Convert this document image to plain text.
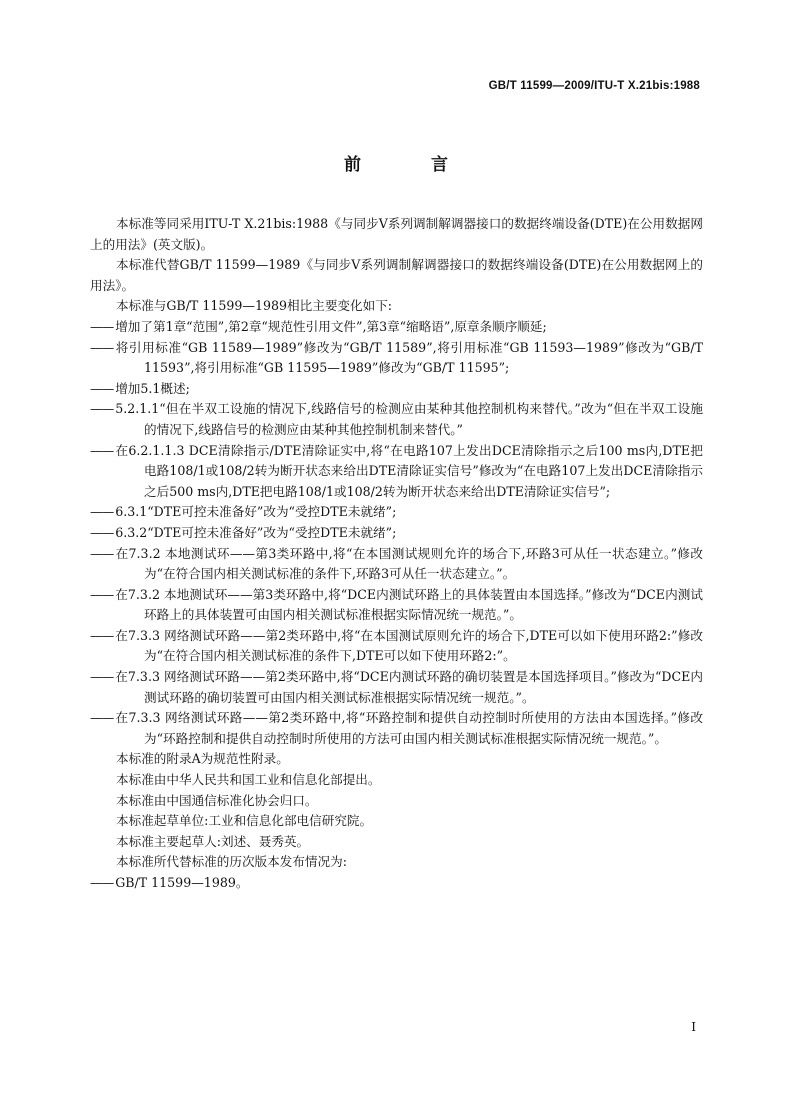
GB/T 11599—2009/ITU-T X.21bis:1988
前 言

本标准等同采用ITU-T X.21bis:1988《与同步V系列调制解调器接口的数据终端设备(DTE)在公用数据网上的用法》(英文版)。

本标准代替GB/T 11599—1989《与同步V系列调制解调器接口的数据终端设备(DTE)在公用数据网上的用法》。

本标准与GB/T 11599—1989相比主要变化如下:

—— 增加了第1章“范围”,第2章“规范性引用文件”,第3章“缩略语”,原章条顺序顺延;

—— 将引用标准“GB 11589—1989”修改为“GB/T 11589”,将引用标准“GB 11593—1989”修改为“GB/T 11593”,将引用标准“GB 11595—1989”修改为“GB/T 11595”;

—— 增加5.1概述;

—— 5.2.1.1“但在半双工设施的情况下,线路信号的检测应由某种其他控制机构来替代。”改为“但在半双工设施的情况下,线路信号的检测应由某种其他控制机制来替代。”

—— 在6.2.1.1.3 DCE清除指示/DTE清除证实中,将“在电路107上发出DCE清除指示之后100 ms内,DTE把电路108/1或108/2转为断开状态来给出DTE清除证实信号”修改为“在电路107上发出DCE清除指示之后500 ms内,DTE把电路108/1或108/2转为断开状态来给出DTE清除证实信号”;

—— 6.3.1“DTE可控未准备好”改为“受控DTE未就绪”;

—— 6.3.2“DTE可控未准备好”改为“受控DTE未就绪”;

—— 在7.3.2 本地测试环——第3类环路中,将“在本国测试规则允许的场合下,环路3可从任一状态建立。”修改为“在符合国内相关测试标准的条件下,环路3可从任一状态建立。”。

—— 在7.3.2 本地测试环——第3类环路中,将“DCE内测试环路上的具体装置由本国选择。”修改为“DCE内测试环路上的具体装置可由国内相关测试标准根据实际情况统一规范。”。

—— 在7.3.3 网络测试环路——第2类环路中,将“在本国测试原则允许的场合下,DTE可以如下使用环路2:”修改为“在符合国内相关测试标准的条件下,DTE可以如下使用环路2:”。

—— 在7.3.3 网络测试环路——第2类环路中,将“DCE内测试环路的确切装置是本国选择项目。”修改为“DCE内测试环路的确切装置可由国内相关测试标准根据实际情况统一规范。”。

—— 在7.3.3 网络测试环路——第2类环路中,将“环路控制和提供自动控制时所使用的方法由本国选择。”修改为“环路控制和提供自动控制时所使用的方法可由国内相关测试标准根据实际情况统一规范。”。

本标准的附录A为规范性附录。

本标准由中华人民共和国工业和信息化部提出。

本标准由中国通信标准化协会归口。

本标准起草单位:工业和信息化部电信研究院。

本标准主要起草人:刘述、聂秀英。

本标准所代替标准的历次版本发布情况为:

—— GB/T 11599—1989。

I
